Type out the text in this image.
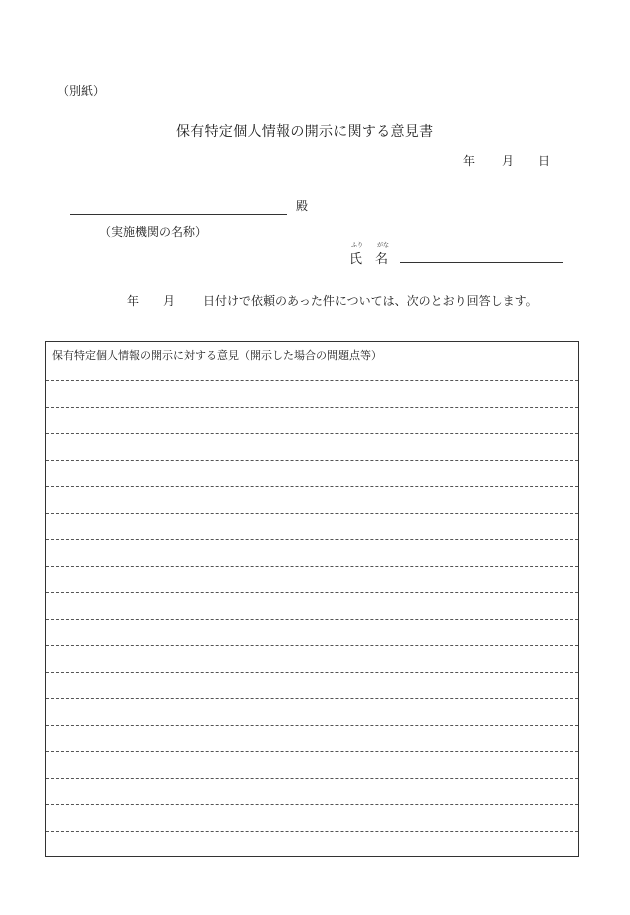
（別紙）
保有特定個人情報の開示に関する意見書
年 月 日
殿
（実施機関の名称）
ふり がな
氏 名
年 月 日付けで依頼のあった件については、次のとおり回答します。
保有特定個人情報の開示に対する意見（開示した場合の問題点等）
